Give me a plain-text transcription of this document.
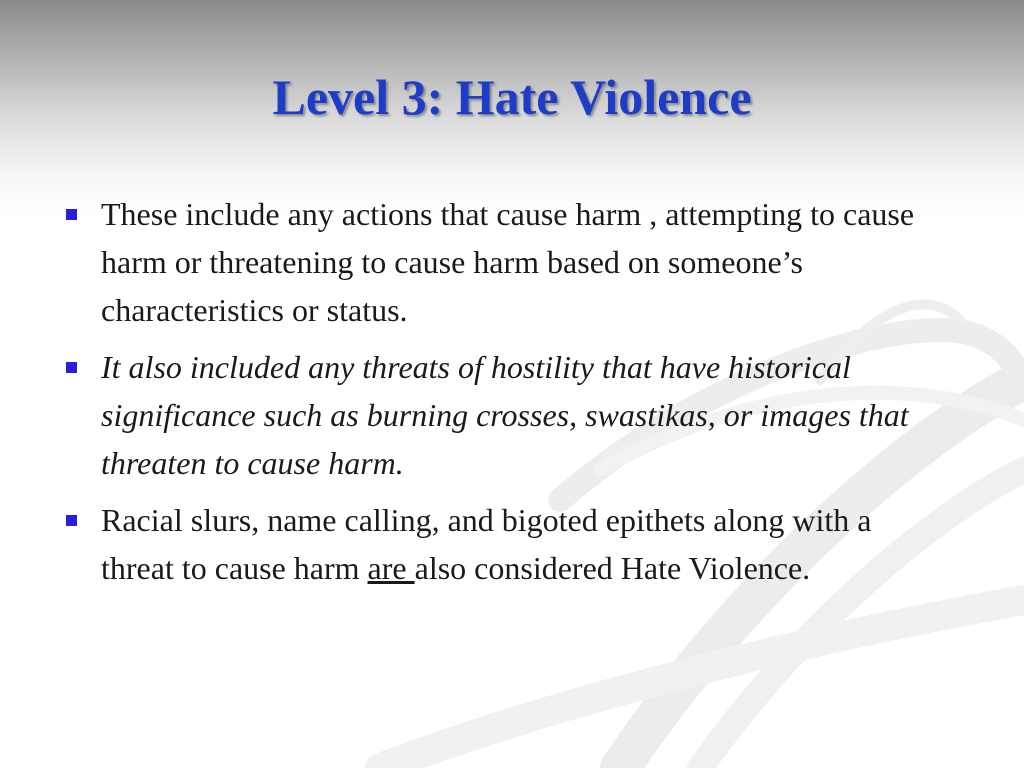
Level 3: Hate Violence
These include any actions that cause harm , attempting to cause harm or threatening to cause harm based on someone’s characteristics or status.
It also included any threats of hostility that have historical significance such as burning crosses, swastikas, or images that threaten to cause harm.
Racial slurs, name calling, and bigoted epithets along with a threat to cause harm are also considered Hate Violence.
